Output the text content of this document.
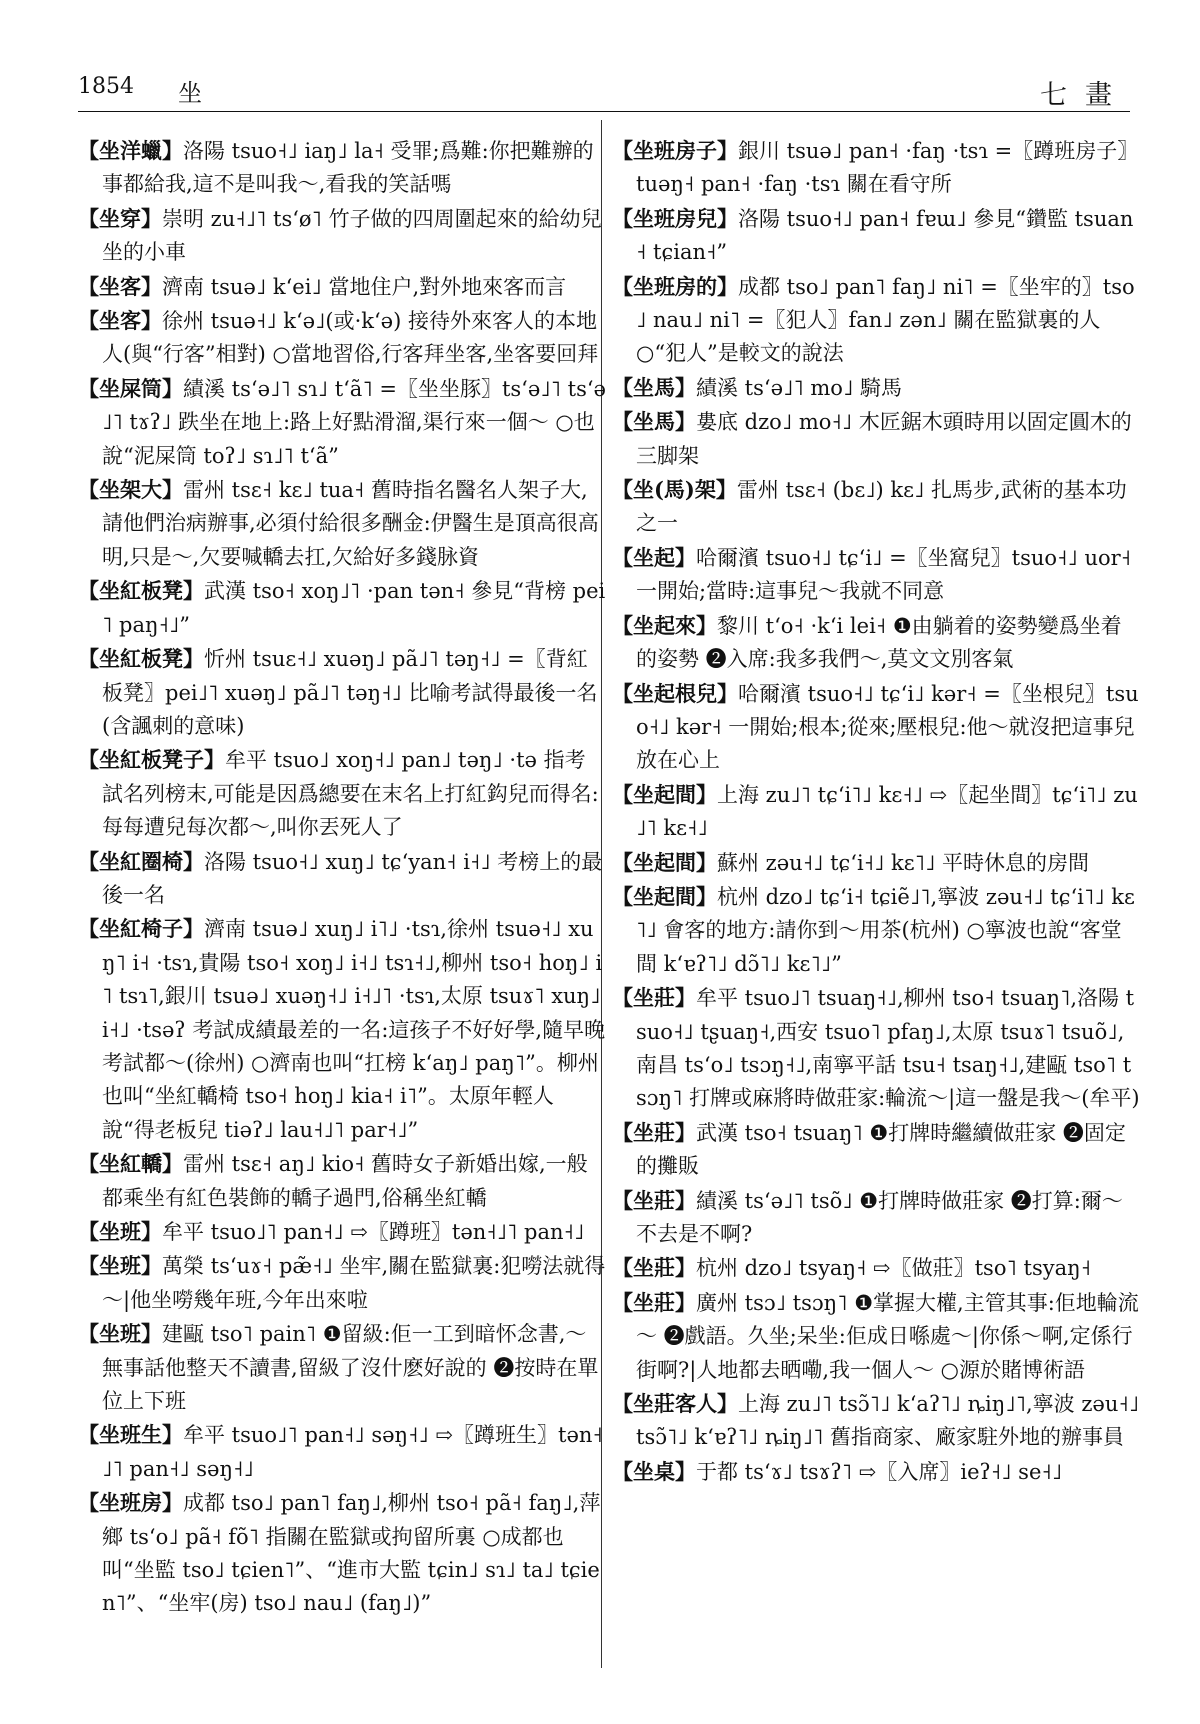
1854 坐	七畫
【坐洋蠟】洛陽 tsuo˧˩ iaŋ˩ la˧ 受罪;爲難:你把難辦的事都給我,這不是叫我～,看我的笑話嗎
【坐穿】崇明 zu˧˩˥ tsʻø˥ 竹子做的四周圍起來的給幼兒坐的小車
【坐客】濟南 tsuə˩ kʻei˩ 當地住户,對外地來客而言
【坐客】徐州 tsuə˧˩ kʻə˩(或·kʻə) 接待外來客人的本地人(與“行客”相對) ○當地習俗,行客拜坐客,坐客要回拜
【坐屎筒】績溪 tsʻə˩˥ sɿ˩ tʻã˥ =〖坐坐豚〗tsʻə˩˥ tsʻə˩˥ tɤʔ˩ 跌坐在地上:路上好點滑溜,渠行來一個～ ○也說“泥屎筒 toʔ˩ sɿ˩˥ tʻã”
【坐架大】雷州 tsɛ˧ kɛ˩ tua˧ 舊時指名醫名人架子大,請他們治病辦事,必須付給很多酬金:伊醫生是頂高很高明,只是～,欠要喊轎去扛,欠給好多錢脉資
【坐紅板凳】武漢 tso˧ xoŋ˩˥ ·pan tən˧ 參見“背榜 pei˥ paŋ˧˩”
【坐紅板凳】忻州 tsuɛ˧˩ xuəŋ˩ pã˩˥ təŋ˧˩ =〖背紅板凳〗pei˩˥ xuəŋ˩ pã˩˥ təŋ˧˩ 比喻考試得最後一名(含諷刺的意味)
【坐紅板凳子】牟平 tsuo˩ xoŋ˧˩ pan˩ təŋ˩ ·tə 指考試名列榜末,可能是因爲總要在末名上打紅鈎兒而得名:每每遭兒每次都～,叫你丟死人了
【坐紅圈椅】洛陽 tsuo˧˩ xuŋ˩ tɕʻyan˧ i˧˩ 考榜上的最後一名
【坐紅椅子】濟南 tsuə˩ xuŋ˩ i˥˩ ·tsɿ,徐州 tsuə˧˩ xuŋ˥ i˧ ·tsɿ,貴陽 tso˧ xoŋ˩ i˧˩ tsɿ˧˩,柳州 tso˧ hoŋ˩ i˥ tsɿ˥,銀川 tsuə˩ xuəŋ˧˩ i˧˩˥ ·tsɿ,太原 tsuɤ˥ xuŋ˩ i˧˩ ·tsəʔ 考試成績最差的一名:這孩子不好好學,隨早晚考試都～(徐州) ○濟南也叫“扛榜 kʻaŋ˩ paŋ˥”。柳州也叫“坐紅轎椅 tso˧ hoŋ˩ kia˧ i˥”。太原年輕人說“得老板兒 tiəʔ˩ lau˧˩˥ par˧˩”
【坐紅轎】雷州 tsɛ˧ aŋ˩ kio˧ 舊時女子新婚出嫁,一般都乘坐有紅色裝飾的轎子過門,俗稱坐紅轎
【坐班】牟平 tsuo˩˥ pan˧˩ ⇨〖蹲班〗tən˧˩˥ pan˧˩
【坐班】萬榮 tsʻuɤ˧ pæ̃˧˩ 坐牢,關在監獄裏:犯嘮法就得～|他坐嘮幾年班,今年出來啦
【坐班】建甌 tso˥ pain˥ ❶留級:佢一工到暗怀念書,～無事話他整天不讀書,留級了沒什麽好說的 ❷按時在單位上下班
【坐班生】牟平 tsuo˩˥ pan˧˩ səŋ˧˩ ⇨〖蹲班生〗tən˧˩˥ pan˧˩ səŋ˧˩
【坐班房】成都 tso˩ pan˥ faŋ˩,柳州 tso˧ pã˧ faŋ˩,萍鄉 tsʻo˩ pã˧ fõ˥ 指關在監獄或拘留所裏 ○成都也叫“坐監 tso˩ tɕien˥”、“進市大監 tɕin˩ sɿ˩ ta˩ tɕien˥”、“坐牢(房) tso˩ nau˩ (faŋ˩)”
【坐班房子】銀川 tsuə˩ pan˧ ·faŋ ·tsɿ =〖蹲班房子〗tuəŋ˧ pan˧ ·faŋ ·tsɿ 關在看守所
【坐班房兒】洛陽 tsuo˧˩ pan˧ fɐɯ˩ 參見“鑽監 tsuan˧ tɕian˧”
【坐班房的】成都 tso˩ pan˥ faŋ˩ ni˥ =〖坐牢的〗tso˩ nau˩ ni˥ =〖犯人〗fan˩ zən˩ 關在監獄裏的人 ○“犯人”是較文的說法
【坐馬】績溪 tsʻə˩˥ mo˩ 騎馬
【坐馬】婁底 dzo˩ mo˧˩ 木匠鋸木頭時用以固定圓木的三脚架
【坐(馬)架】雷州 tsɛ˧ (bɛ˩) kɛ˩ 扎馬步,武術的基本功之一
【坐起】哈爾濱 tsuo˧˩ tɕʻi˩ =〖坐窩兒〗tsuo˧˩ uor˧ 一開始;當時:這事兒～我就不同意
【坐起來】黎川 tʻo˧ ·kʻi lei˧ ❶由躺着的姿勢變爲坐着的姿勢 ❷入席:我多我們～,莫文文別客氣
【坐起根兒】哈爾濱 tsuo˧˩ tɕʻi˩ kər˧ =〖坐根兒〗tsuo˧˩ kər˧ 一開始;根本;從來;壓根兒:他～就沒把這事兒放在心上
【坐起間】上海 zu˩˥ tɕʻi˥˩ kɛ˧˩ ⇨〖起坐間〗tɕʻi˥˩ zu˩˥ kɛ˧˩
【坐起間】蘇州 zəu˧˩ tɕʻi˧˩ kɛ˥˩ 平時休息的房間
【坐起間】杭州 dzo˩ tɕʻi˧ tɕiẽ˩˥,寧波 zəu˧˩ tɕʻi˥˩ kɛ˥˩ 會客的地方:請你到～用茶(杭州) ○寧波也說“客堂間 kʻɐʔ˥˩ dɔ̃˥˩ kɛ˥˩”
【坐莊】牟平 tsuo˩˥ tsuaŋ˧˩,柳州 tso˧ tsuaŋ˥,洛陽 tsuo˧˩ tʂuaŋ˧,西安 tsuo˥ pfaŋ˩,太原 tsuɤ˥ tsuõ˩,南昌 tsʻo˩ tsɔŋ˧˩,南寧平話 tsu˧ tsaŋ˧˩,建甌 tso˥ tsɔŋ˥ 打牌或麻將時做莊家:輪流～|這一盤是我～(牟平)
【坐莊】武漢 tso˧ tsuaŋ˥ ❶打牌時繼續做莊家 ❷固定的攤販
【坐莊】績溪 tsʻə˩˥ tsõ˩ ❶打牌時做莊家 ❷打算:爾～不去是不啊?
【坐莊】杭州 dzo˩ tsyaŋ˧ ⇨〖做莊〗tso˥ tsyaŋ˧
【坐莊】廣州 tsɔ˩ tsɔŋ˥ ❶掌握大權,主管其事:佢地輪流～ ❷戲語。久坐;呆坐:佢成日喺處～|你係～啊,定係行街啊?|人地都去晒嘞,我一個人～ ○源於賭博術語
【坐莊客人】上海 zu˩˥ tsɔ̃˥˩ kʻaʔ˥˩ ȵiŋ˩˥,寧波 zəu˧˩ tsɔ̃˥˩ kʻɐʔ˥˩ ȵiŋ˩˥ 舊指商家、廠家駐外地的辦事員
【坐桌】于都 tsʻɤ˩ tsɤʔ˥ ⇨〖入席〗ieʔ˧˩ se˧˩
